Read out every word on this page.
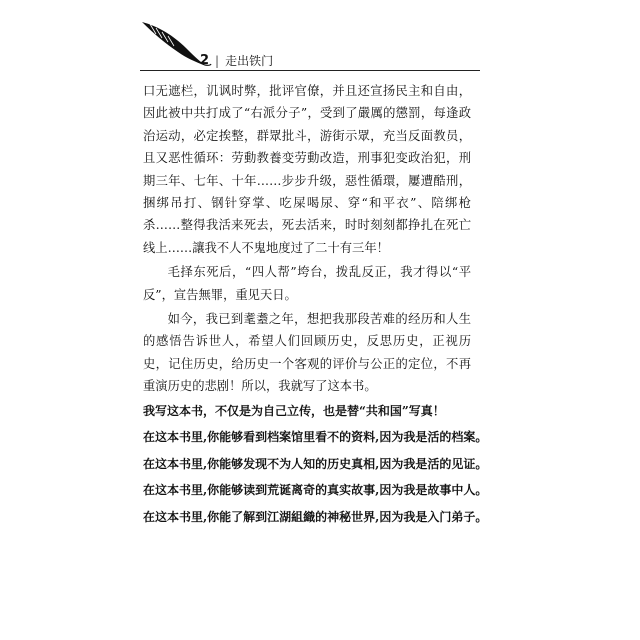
2 | 走出铁门

口无遮栏，讥讽时弊，批评官僚，并且还宣扬民主和自由，因此被中共打成了“右派分子”，受到了嚴厲的懲罰，每逢政治运动，必定挨整，群眾批斗，游街示眾，充当反面教员，且又恶性循环：劳動教養变劳動改造，刑事犯变政治犯，刑期三年、七年、十年……步步升级，惡性循環，屢遭酷刑，捆绑吊打、钢针穿掌、吃屎喝尿、穿“和平衣”、陪绑枪杀……整得我活来死去，死去活来，时时刻刻都挣扎在死亡线上……讓我不人不鬼地度过了二十有三年！

毛择东死后，“四人帮”垮台，拨乱反正，我才得以“平反”，宣告無罪，重见天日。

如今，我已到耄耋之年，想把我那段苦难的经历和人生的感悟告诉世人，希望人们回顾历史，反思历史，正视历史，记住历史，给历史一个客观的评价与公正的定位，不再重演历史的悲剧！所以，我就写了这本书。

我写这本书，不仅是为自己立传，也是替“共和国”写真！
在这本书里,你能够看到档案馆里看不的资料,因为我是活的档案。
在这本书里,你能够发现不为人知的历史真相,因为我是活的见证。
在这本书里,你能够读到荒诞离奇的真实故事,因为我是故事中人。
在这本书里,你能了解到江湖組織的神秘世界,因为我是入门弟子。
